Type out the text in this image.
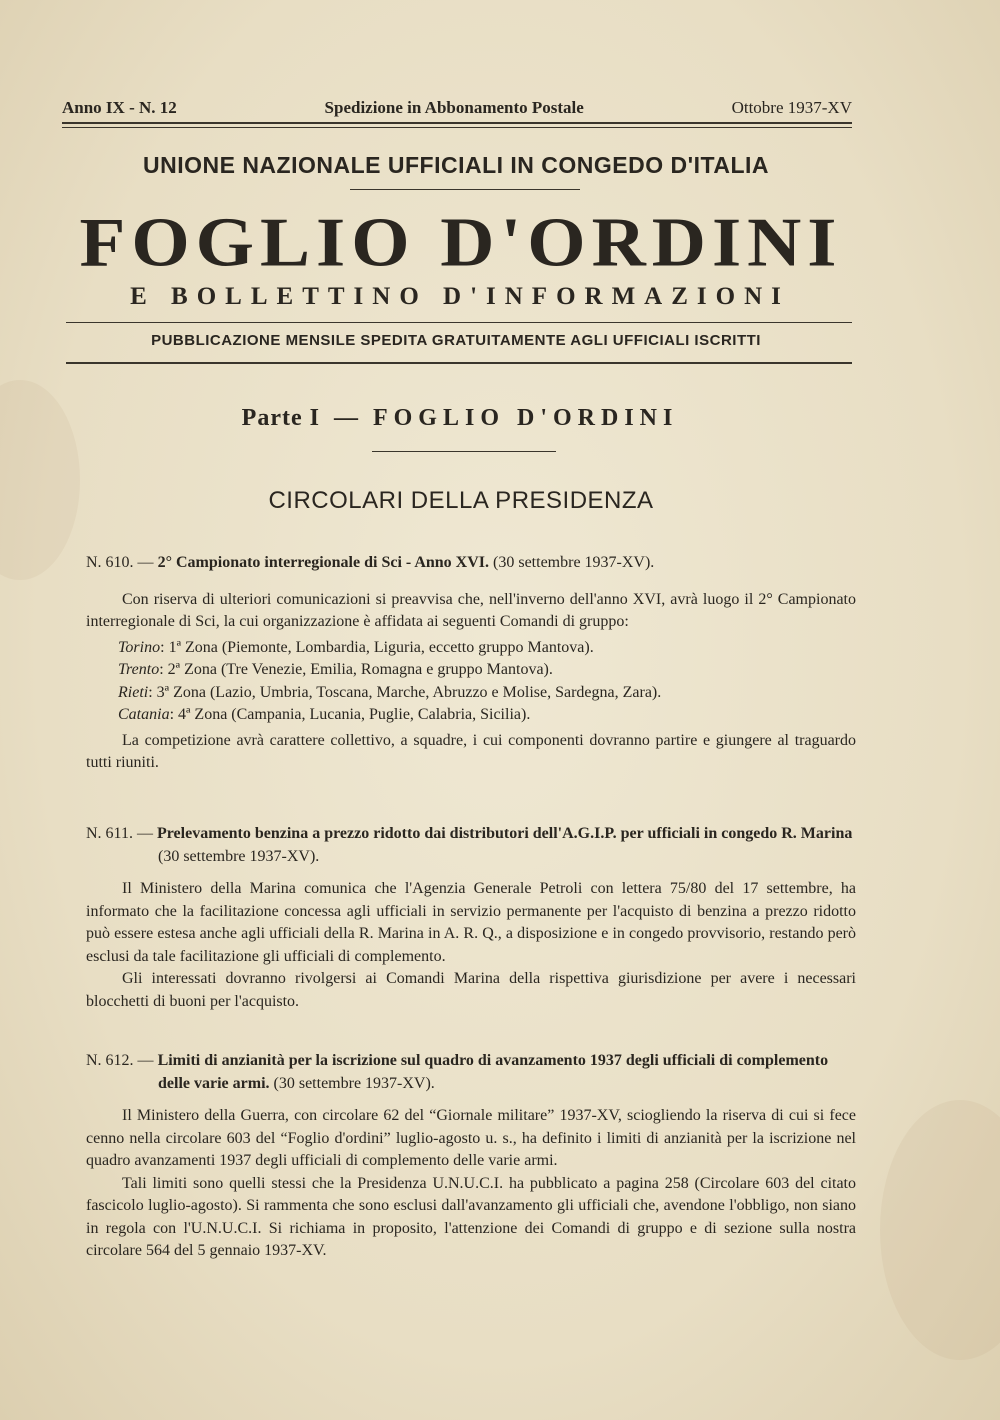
Anno IX - N. 12	Spedizione in Abbonamento Postale	Ottobre 1937-XV
UNIONE NAZIONALE UFFICIALI IN CONGEDO D'ITALIA
FOGLIO D'ORDINI
E BOLLETTINO D'INFORMAZIONI
PUBBLICAZIONE MENSILE SPEDITA GRATUITAMENTE AGLI UFFICIALI ISCRITTI
Parte I — FOGLIO D'ORDINI
CIRCOLARI DELLA PRESIDENZA
N. 610. — 2° Campionato interregionale di Sci - Anno XVI. (30 settembre 1937-XV).

Con riserva di ulteriori comunicazioni si preavvisa che, nell'inverno dell'anno XVI, avrà luogo il 2° Campionato interregionale di Sci, la cui organizzazione è affidata ai seguenti Comandi di gruppo:

Torino: 1ª Zona (Piemonte, Lombardia, Liguria, eccetto gruppo Mantova).

Trento: 2ª Zona (Tre Venezie, Emilia, Romagna e gruppo Mantova).

Rieti: 3ª Zona (Lazio, Umbria, Toscana, Marche, Abruzzo e Molise, Sardegna, Zara).

Catania: 4ª Zona (Campania, Lucania, Puglie, Calabria, Sicilia).

La competizione avrà carattere collettivo, a squadre, i cui componenti dovranno partire e giungere al traguardo tutti riuniti.

N. 611. — Prelevamento benzina a prezzo ridotto dai distributori dell'A.G.I.P. per ufficiali in congedo R. Marina (30 settembre 1937-XV).

Il Ministero della Marina comunica che l'Agenzia Generale Petroli con lettera 75/80 del 17 settembre, ha informato che la facilitazione concessa agli ufficiali in servizio permanente per l'acquisto di benzina a prezzo ridotto può essere estesa anche agli ufficiali della R. Marina in A. R. Q., a disposizione e in congedo provvisorio, restando però esclusi da tale facilitazione gli ufficiali di complemento.

Gli interessati dovranno rivolgersi ai Comandi Marina della rispettiva giurisdizione per avere i necessari blocchetti di buoni per l'acquisto.

N. 612. — Limiti di anzianità per la iscrizione sul quadro di avanzamento 1937 degli ufficiali di complemento delle varie armi. (30 settembre 1937-XV).

Il Ministero della Guerra, con circolare 62 del “Giornale militare” 1937-XV, sciogliendo la riserva di cui si fece cenno nella circolare 603 del “Foglio d'ordini” luglio-agosto u. s., ha definito i limiti di anzianità per la iscrizione nel quadro avanzamenti 1937 degli ufficiali di complemento delle varie armi.

Tali limiti sono quelli stessi che la Presidenza U.N.U.C.I. ha pubblicato a pagina 258 (Circolare 603 del citato fascicolo luglio-agosto). Si rammenta che sono esclusi dall'avanzamento gli ufficiali che, avendone l'obbligo, non siano in regola con l'U.N.U.C.I. Si richiama in proposito, l'attenzione dei Comandi di gruppo e di sezione sulla nostra circolare 564 del 5 gennaio 1937-XV.
